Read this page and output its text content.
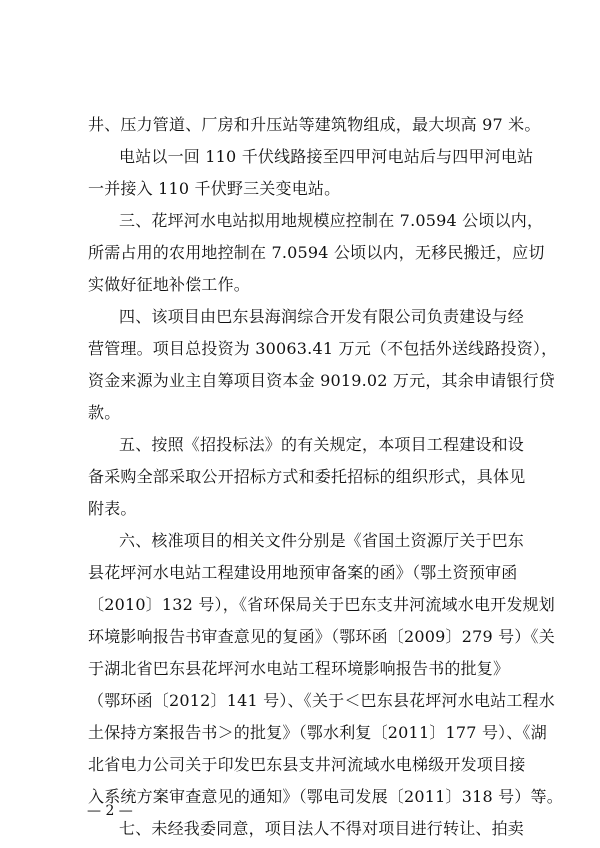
井、压力管道、厂房和升压站等建筑物组成，最大坝高 97 米。
电站以一回 110 千伏线路接至四甲河电站后与四甲河电站
一并接入 110 千伏野三关变电站。
三、花坪河水电站拟用地规模应控制在 7.0594 公顷以内，
所需占用的农用地控制在 7.0594 公顷以内，无移民搬迁，应切
实做好征地补偿工作。
四、该项目由巴东县海润综合开发有限公司负责建设与经
营管理。项目总投资为 30063.41 万元（不包括外送线路投资），
资金来源为业主自筹项目资本金 9019.02 万元，其余申请银行贷
款。
五、按照《招投标法》的有关规定，本项目工程建设和设
备采购全部采取公开招标方式和委托招标的组织形式，具体见
附表。
六、核准项目的相关文件分别是《省国土资源厅关于巴东
县花坪河水电站工程建设用地预审备案的函》（鄂土资预审函
〔2010〕132 号），《省环保局关于巴东支井河流域水电开发规划
环境影响报告书审查意见的复函》（鄂环函〔2009〕279 号）《关
于湖北省巴东县花坪河水电站工程环境影响报告书的批复》
（鄂环函〔2012〕141 号）、《关于＜巴东县花坪河水电站工程水
土保持方案报告书＞的批复》（鄂水利复〔2011〕177 号）、《湖
北省电力公司关于印发巴东县支井河流域水电梯级开发项目接
入系统方案审查意见的通知》（鄂电司发展〔2011〕318 号）等。
七、未经我委同意，项目法人不得对项目进行转让、拍卖
— 2 —
